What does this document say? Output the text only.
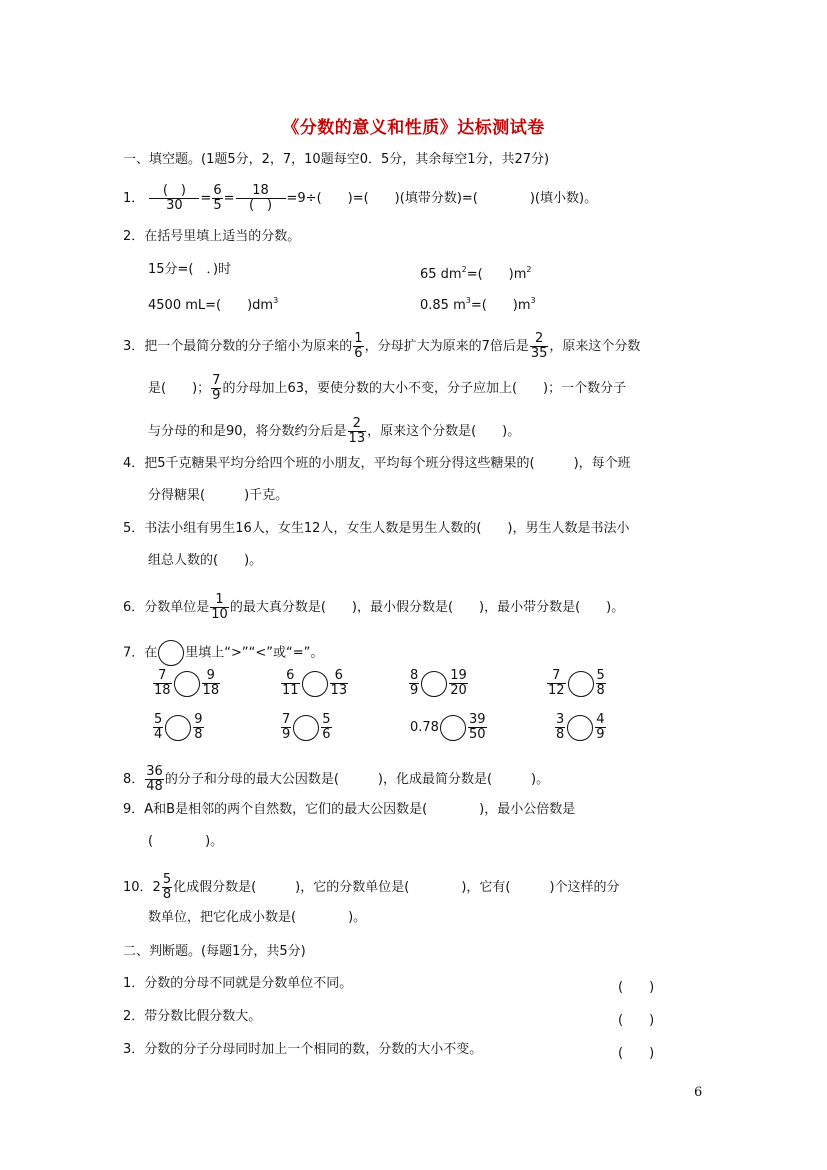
《分数的意义和性质》达标测试卷
一、填空题。(1题5分，2，7，10题每空0．5分，其余每空1分，共27分)
1． $\frac{( )}{30} = \frac{6}{5} = \frac{18}{( )} =9\div$(　　)=(　　)(填带分数)=(　　　　)(填小数)。
2．在括号里填上适当的分数。
15分=(　．)时	65 $dm^2=$(　　)$m^2$
4500 mL=(　　)$dm^3$	0.85 $m^3=$(　　)$m^3$
3．把一个最简分数的分子缩小为原来的 $\frac{1}{6}$ ，分母扩大为原来的7倍后是 $\frac{2}{35}$ ，原来这个分数
是(　　)； $\frac{7}{9}$ 的分母加上63，要使分数的大小不变，分子应加上(　　)；一个数分子
与分母的和是90，将分数约分后是 $\frac{2}{13}$ ，原来这个分数是(　　)。
4．把5千克糖果平均分给四个班的小朋友，平均每个班分得这些糖果的(　　　)，每个班
分得糖果(　　　)千克。
5．书法小组有男生16人，女生12人，女生人数是男生人数的(　　)，男生人数是书法小
组总人数的(　　)。
6．分数单位是 $\frac{1}{10}$ 的最大真分数是(　　)，最小假分数是(　　)，最小带分数是(　　)。
7．在 里填上“>”“<”或“=”。
$\frac{7}{18} \frac{9}{18}$	$\frac{6}{11} \frac{6}{13}$	$\frac{8}{9} \frac{19}{20}$	$\frac{7}{12} \frac{5}{8}$
$\frac{5}{4} \frac{9}{8}$	$\frac{7}{9} \frac{5}{6}$	$0.78 \frac{39}{50}$	$\frac{3}{8} \frac{4}{9}$
8． $\frac{36}{48}$ 的分子和分母的最大公因数是(　　　)，化成最简分数是(　　　)。
9．A和B是相邻的两个自然数，它们的最大公因数是(　　　　)，最小公倍数是
(　　　　)。
10．$2 \frac{5}{8}$ 化成假分数是(　　　)，它的分数单位是(　　　　)，它有(　　　)个这样的分
数单位，把它化成小数是(　　　　)。
二、判断题。(每题1分，共5分)
1．分数的分母不同就是分数单位不同。	(　　)
2．带分数比假分数大。	(　　)
3．分数的分子分母同时加上一个相同的数，分数的大小不变。	(　　)
6
